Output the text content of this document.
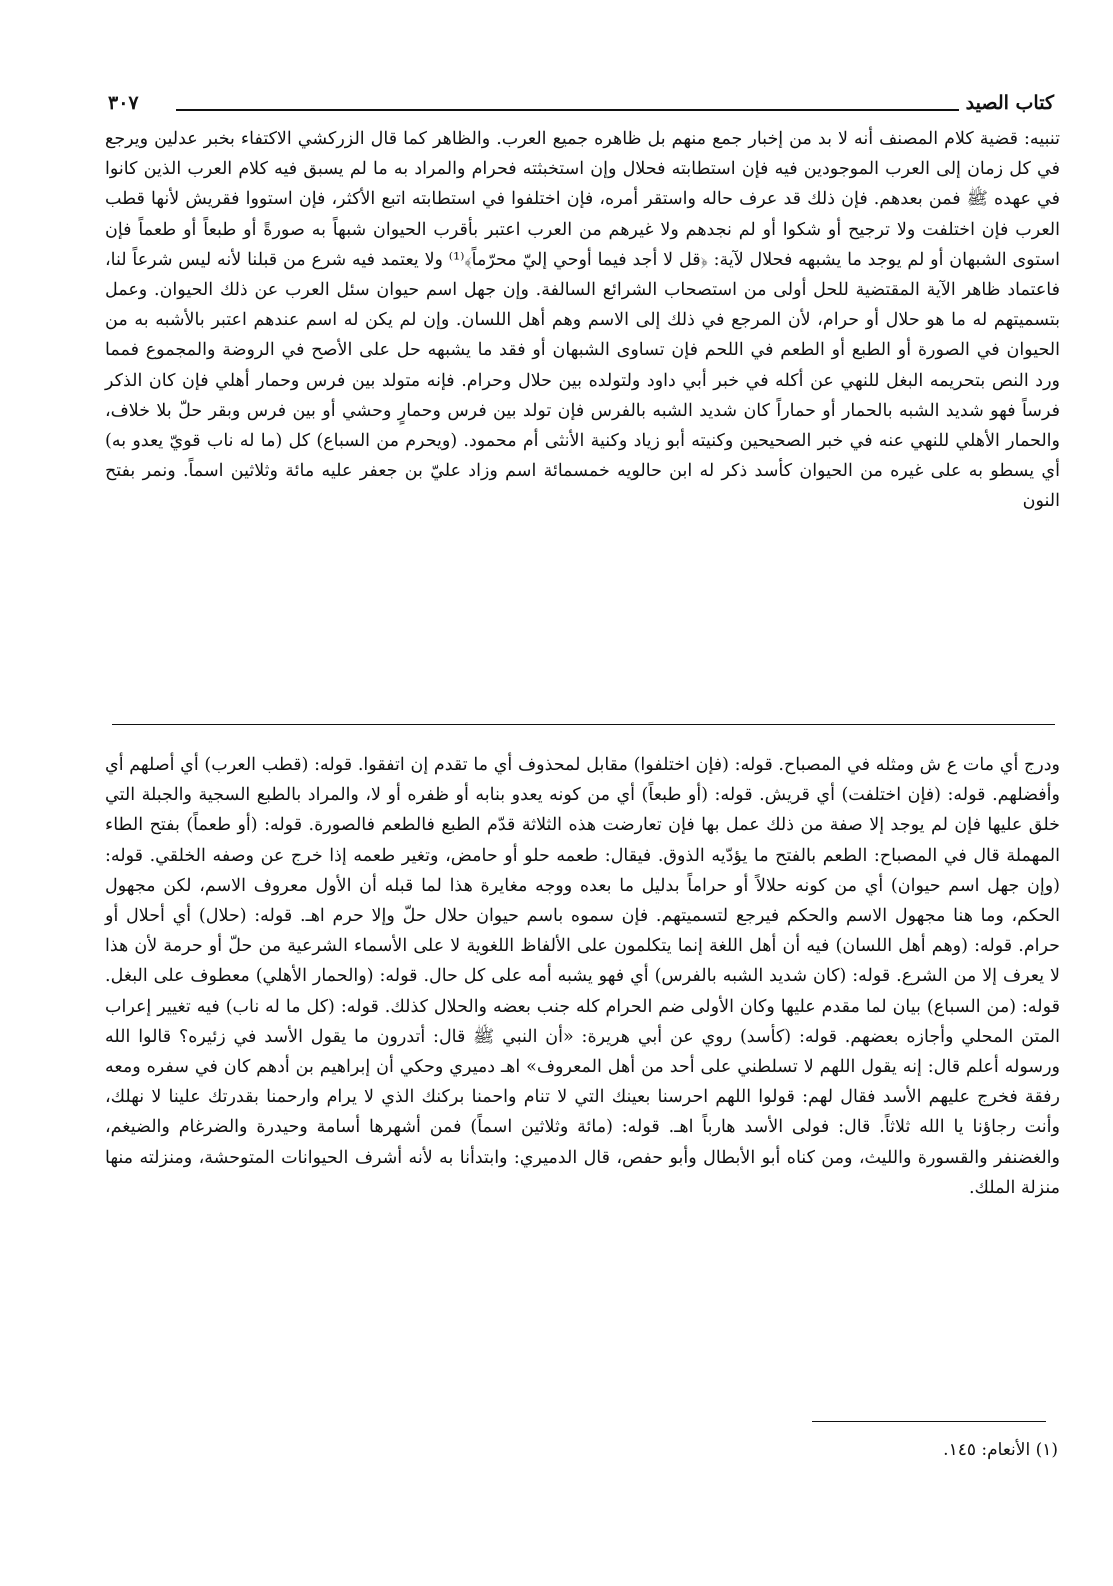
كتاب الصيد
٣٠٧

تنبيه: قضية كلام المصنف أنه لا بد من إخبار جمع منهم بل ظاهره جميع العرب. والظاهر كما قال الزركشي الاكتفاء بخبر عدلين ويرجع في كل زمان إلى العرب الموجودين فيه فإن استطابته فحلال وإن استخبثته فحرام والمراد به ما لم يسبق فيه كلام العرب الذين كانوا في عهده ﷺ فمن بعدهم. فإن ذلك قد عرف حاله واستقر أمره، فإن اختلفوا في استطابته اتبع الأكثر، فإن استووا فقريش لأنها قطب العرب فإن اختلفت ولا ترجيح أو شكوا أو لم نجدهم ولا غيرهم من العرب اعتبر بأقرب الحيوان شبهاً به صورةً أو طبعاً أو طعماً فإن استوى الشبهان أو لم يوجد ما يشبهه فحلال لآية: ﴿قل لا أجد فيما أوحي إليّ محرّماً﴾⁽¹⁾ ولا يعتمد فيه شرع من قبلنا لأنه ليس شرعاً لنا، فاعتماد ظاهر الآية المقتضية للحل أولى من استصحاب الشرائع السالفة. وإن جهل اسم حيوان سئل العرب عن ذلك الحيوان. وعمل بتسميتهم له ما هو حلال أو حرام، لأن المرجع في ذلك إلى الاسم وهم أهل اللسان. وإن لم يكن له اسم عندهم اعتبر بالأشبه به من الحيوان في الصورة أو الطبع أو الطعم في اللحم فإن تساوى الشبهان أو فقد ما يشبهه حل على الأصح في الروضة والمجموع فمما ورد النص بتحريمه البغل للنهي عن أكله في خبر أبي داود ولتولده بين حلال وحرام. فإنه متولد بين فرس وحمار أهلي فإن كان الذكر فرساً فهو شديد الشبه بالحمار أو حماراً كان شديد الشبه بالفرس فإن تولد بين فرس وحمارٍ وحشي أو بين فرس وبقر حلّ بلا خلاف، والحمار الأهلي للنهي عنه في خبر الصحيحين وكنيته أبو زياد وكنية الأنثى أم محمود. (ويحرم من السباع) كل (ما له ناب قويّ يعدو به) أي يسطو به على غيره من الحيوان كأسد ذكر له ابن حالويه خمسمائة اسم وزاد عليّ بن جعفر عليه مائة وثلاثين اسماً. ونمر بفتح النون

ودرج أي مات ع ش ومثله في المصباح. قوله: (فإن اختلفوا) مقابل لمحذوف أي ما تقدم إن اتفقوا. قوله: (قطب العرب) أي أصلهم أي وأفضلهم. قوله: (فإن اختلفت) أي قريش. قوله: (أو طبعاً) أي من كونه يعدو بنابه أو ظفره أو لا، والمراد بالطبع السجية والجبلة التي خلق عليها فإن لم يوجد إلا صفة من ذلك عمل بها فإن تعارضت هذه الثلاثة قدّم الطبع فالطعم فالصورة. قوله: (أو طعماً) بفتح الطاء المهملة قال في المصباح: الطعم بالفتح ما يؤدّيه الذوق. فيقال: طعمه حلو أو حامض، وتغير طعمه إذا خرج عن وصفه الخلقي. قوله: (وإن جهل اسم حيوان) أي من كونه حلالاً أو حراماً بدليل ما بعده ووجه مغايرة هذا لما قبله أن الأول معروف الاسم، لكن مجهول الحكم، وما هنا مجهول الاسم والحكم فيرجع لتسميتهم. فإن سموه باسم حيوان حلال حلّ وإلا حرم اهـ. قوله: (حلال) أي أحلال أو حرام. قوله: (وهم أهل اللسان) فيه أن أهل اللغة إنما يتكلمون على الألفاظ اللغوية لا على الأسماء الشرعية من حلّ أو حرمة لأن هذا لا يعرف إلا من الشرع. قوله: (كان شديد الشبه بالفرس) أي فهو يشبه أمه على كل حال. قوله: (والحمار الأهلي) معطوف على البغل. قوله: (من السباع) بيان لما مقدم عليها وكان الأولى ضم الحرام كله جنب بعضه والحلال كذلك. قوله: (كل ما له ناب) فيه تغيير إعراب المتن المحلي وأجازه بعضهم. قوله: (كأسد) روي عن أبي هريرة: «أن النبي ﷺ قال: أتدرون ما يقول الأسد في زئيره؟ قالوا الله ورسوله أعلم قال: إنه يقول اللهم لا تسلطني على أحد من أهل المعروف» اهـ دميري وحكي أن إبراهيم بن أدهم كان في سفره ومعه رفقة فخرج عليهم الأسد فقال لهم: قولوا اللهم احرسنا بعينك التي لا تنام واحمنا بركنك الذي لا يرام وارحمنا بقدرتك علينا لا نهلك، وأنت رجاؤنا يا الله ثلاثاً. قال: فولى الأسد هارباً اهـ. قوله: (مائة وثلاثين اسماً) فمن أشهرها أسامة وحيدرة والضرغام والضيغم، والغضنفر والقسورة والليث، ومن كناه أبو الأبطال وأبو حفص، قال الدميري: وابتدأنا به لأنه أشرف الحيوانات المتوحشة، ومنزلته منها منزلة الملك.

(١) الأنعام: ١٤٥.
